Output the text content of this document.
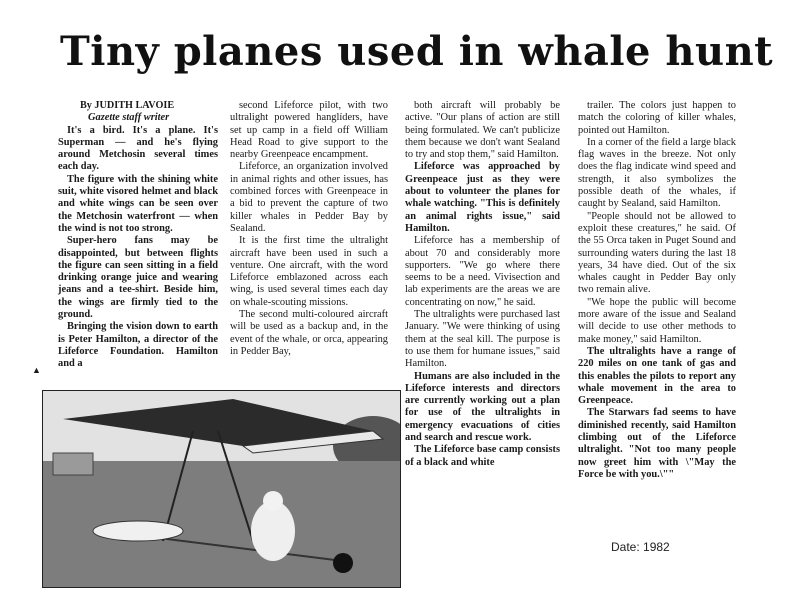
Tiny planes used in whale hunt

By JUDITH LAVOIE

Gazette staff writer

It's a bird. It's a plane. It's Superman — and he's flying around Metchosin several times each day.

The figure with the shining white suit, white visored helmet and black and white wings can be seen over the Metchosin waterfront — when the wind is not too strong.

Super-hero fans may be disappointed, but between flights the figure can seen sitting in a field drinking orange juice and wearing jeans and a tee-shirt. Beside him, the wings are firmly tied to the ground.

Bringing the vision down to earth is Peter Hamilton, a director of the Lifeforce Foundation. Hamilton and a

second Lifeforce pilot, with two ultralight powered hanglíders, have set up camp in a field off William Head Road to give support to the nearby Greenpeace encampment.

Lifeforce, an organization involved in animal rights and other issues, has combined forces with Greenpeace in a bid to prevent the capture of two killer whales in Pedder Bay by Sealand.

It is the first time the ultralight aircraft have been used in such a venture. One aircraft, with the word Lifeforce emblazoned across each wing, is used several times each day on whale-scouting missions.

The second multi-coloured aircraft will be used as a backup and, in the event of the whale, or orca, appearing in Pedder Bay,

both aircraft will probably be active. "Our plans of action are still being formulated. We can't publicize them because we don't want Sealand to try and stop them," said Hamilton.

Lifeforce was approached by Greenpeace just as they were about to volunteer the planes for whale watching. "This is definitely an animal rights issue," said Hamilton.

Lifeforce has a membership of about 70 and considerably more supporters. "We go where there seems to be a need. Vivisection and lab experiments are the areas we are concentrating on now," he said.

The ultralights were purchased last January. "We were thinking of using them at the seal kill. The purpose is to use them for humane issues," said Hamilton.

Humans are also included in the Lifeforce interests and directors are currently working out a plan for use of the ultralights in emergency evacuations of cities and search and rescue work.

The Lifeforce base camp consists of a black and white

trailer. The colors just happen to match the coloring of killer whales, pointed out Hamilton.

In a corner of the field a large black flag waves in the breeze. Not only does the flag indicate wind speed and strength, it also symbolizes the possible death of the whales, if caught by Sealand, said Hamilton.

"People should not be allowed to exploit these creatures," he said. Of the 55 Orca taken in Puget Sound and surrounding waters during the last 18 years, 34 have died. Out of the six whales caught in Pedder Bay only two remain alive.

"We hope the public will become more aware of the issue and Sealand will decide to use other methods to make money," said Hamilton.

The ultralights have a range of 220 miles on one tank of gas and this enables the pilots to report any whale movement in the area to Greenpeace.

The Starwars fad seems to have diminished recently, said Hamilton climbing out of the Lifeforce ultralight. "Not too many people now greet him with \"May the Force be with you.\""

▲
Date: 1982
